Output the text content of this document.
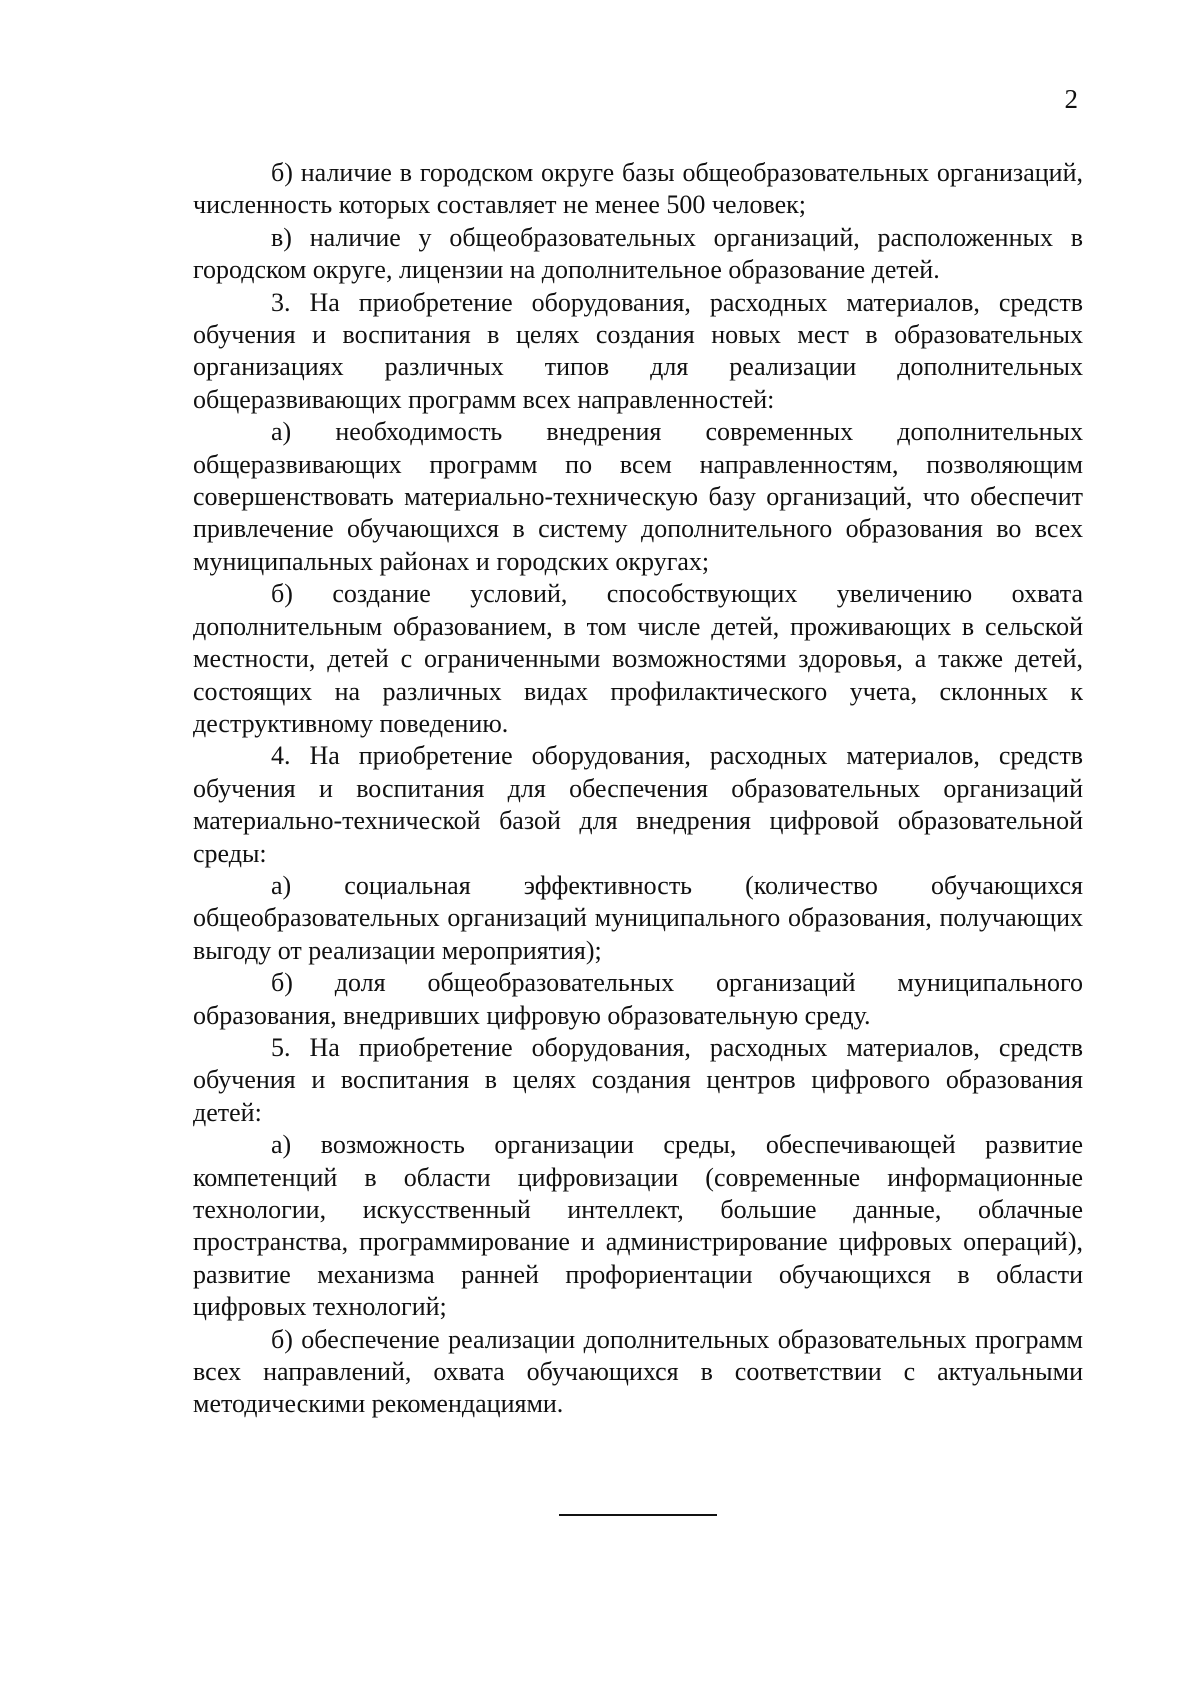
2

б) наличие в городском округе базы общеобразовательных организаций, численность которых составляет не менее 500 человек;

в) наличие у общеобразовательных организаций, расположенных в городском округе, лицензии на дополнительное образование детей.

3. На приобретение оборудования, расходных материалов, средств обучения и воспитания в целях создания новых мест в образовательных организациях различных типов для реализации дополнительных общеразвивающих программ всех направленностей:

а) необходимость внедрения современных дополнительных общеразвивающих программ по всем направленностям, позволяющим совершенствовать материально-техническую базу организаций, что обеспечит привлечение обучающихся в систему дополнительного образования во всех муниципальных районах и городских округах;

б) создание условий, способствующих увеличению охвата дополнительным образованием, в том числе детей, проживающих в сельской местности, детей с ограниченными возможностями здоровья, а также детей, состоящих на различных видах профилактического учета, склонных к деструктивному поведению.

4. На приобретение оборудования, расходных материалов, средств обучения и воспитания для обеспечения образовательных организаций материально-технической базой для внедрения цифровой образовательной среды:

а) социальная эффективность (количество обучающихся общеобразовательных организаций муниципального образования, получающих выгоду от реализации мероприятия);

б) доля общеобразовательных организаций муниципального образования, внедривших цифровую образовательную среду.

5. На приобретение оборудования, расходных материалов, средств обучения и воспитания в целях создания центров цифрового образования детей:

а) возможность организации среды, обеспечивающей развитие компетенций в области цифровизации (современные информационные технологии, искусственный интеллект, большие данные, облачные пространства, программирование и администрирование цифровых операций), развитие механизма ранней профориентации обучающихся в области цифровых технологий;

б) обеспечение реализации дополнительных образовательных программ всех направлений, охвата обучающихся в соответствии с актуальными методическими рекомендациями.
